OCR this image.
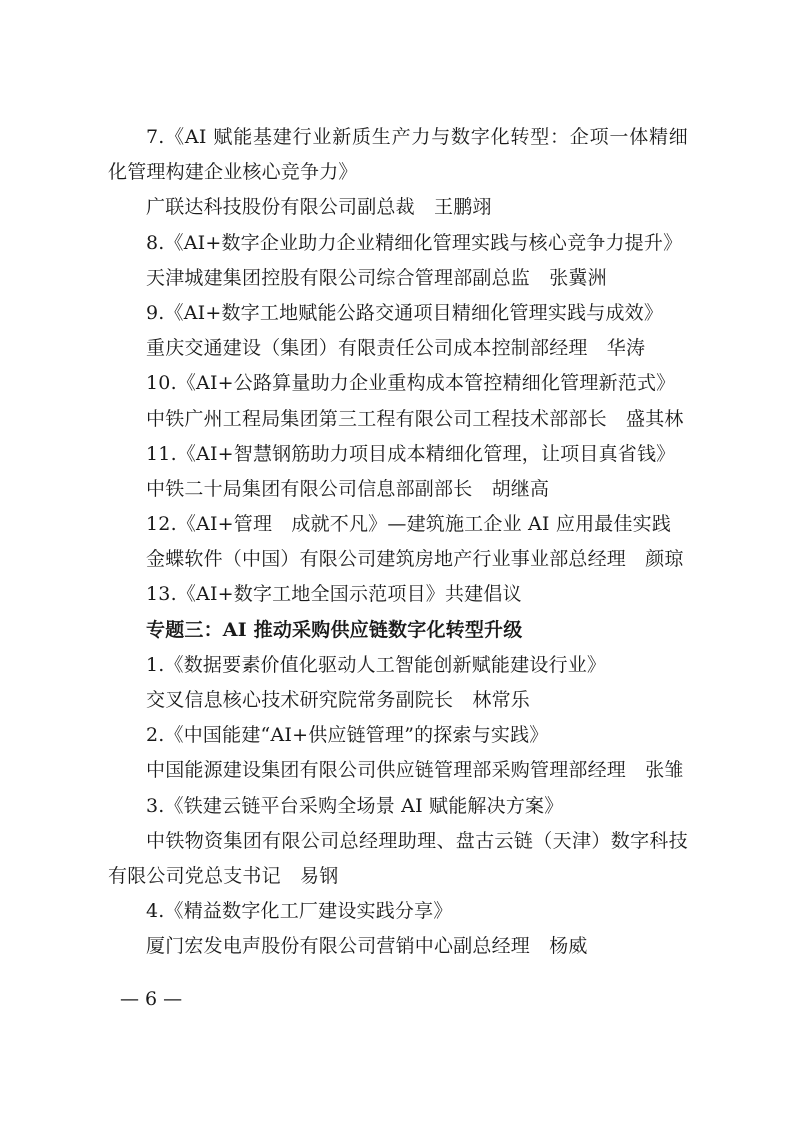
7.《AI 赋能基建行业新质生产力与数字化转型：企项一体精细化管理构建企业核心竞争力》
广联达科技股份有限公司副总裁　王鹏翊
8.《AI+数字企业助力企业精细化管理实践与核心竞争力提升》
天津城建集团控股有限公司综合管理部副总监　张冀洲
9.《AI+数字工地赋能公路交通项目精细化管理实践与成效》
重庆交通建设（集团）有限责任公司成本控制部经理　华涛
10.《AI+公路算量助力企业重构成本管控精细化管理新范式》
中铁广州工程局集团第三工程有限公司工程技术部部长　盛其林
11.《AI+智慧钢筋助力项目成本精细化管理，让项目真省钱》
中铁二十局集团有限公司信息部副部长　胡继高
12.《AI+管理　成就不凡》—建筑施工企业 AI 应用最佳实践
金蝶软件（中国）有限公司建筑房地产行业事业部总经理　颜琼
13.《AI+数字工地全国示范项目》共建倡议
专题三：AI 推动采购供应链数字化转型升级
1.《数据要素价值化驱动人工智能创新赋能建设行业》
交叉信息核心技术研究院常务副院长　林常乐
2.《中国能建“AI+供应链管理”的探索与实践》
中国能源建设集团有限公司供应链管理部采购管理部经理　张雏
3.《铁建云链平台采购全场景 AI 赋能解决方案》
中铁物资集团有限公司总经理助理、盘古云链（天津）数字科技有限公司党总支书记　易钢
4.《精益数字化工厂建设实践分享》
厦门宏发电声股份有限公司营销中心副总经理　杨威
— 6 —
